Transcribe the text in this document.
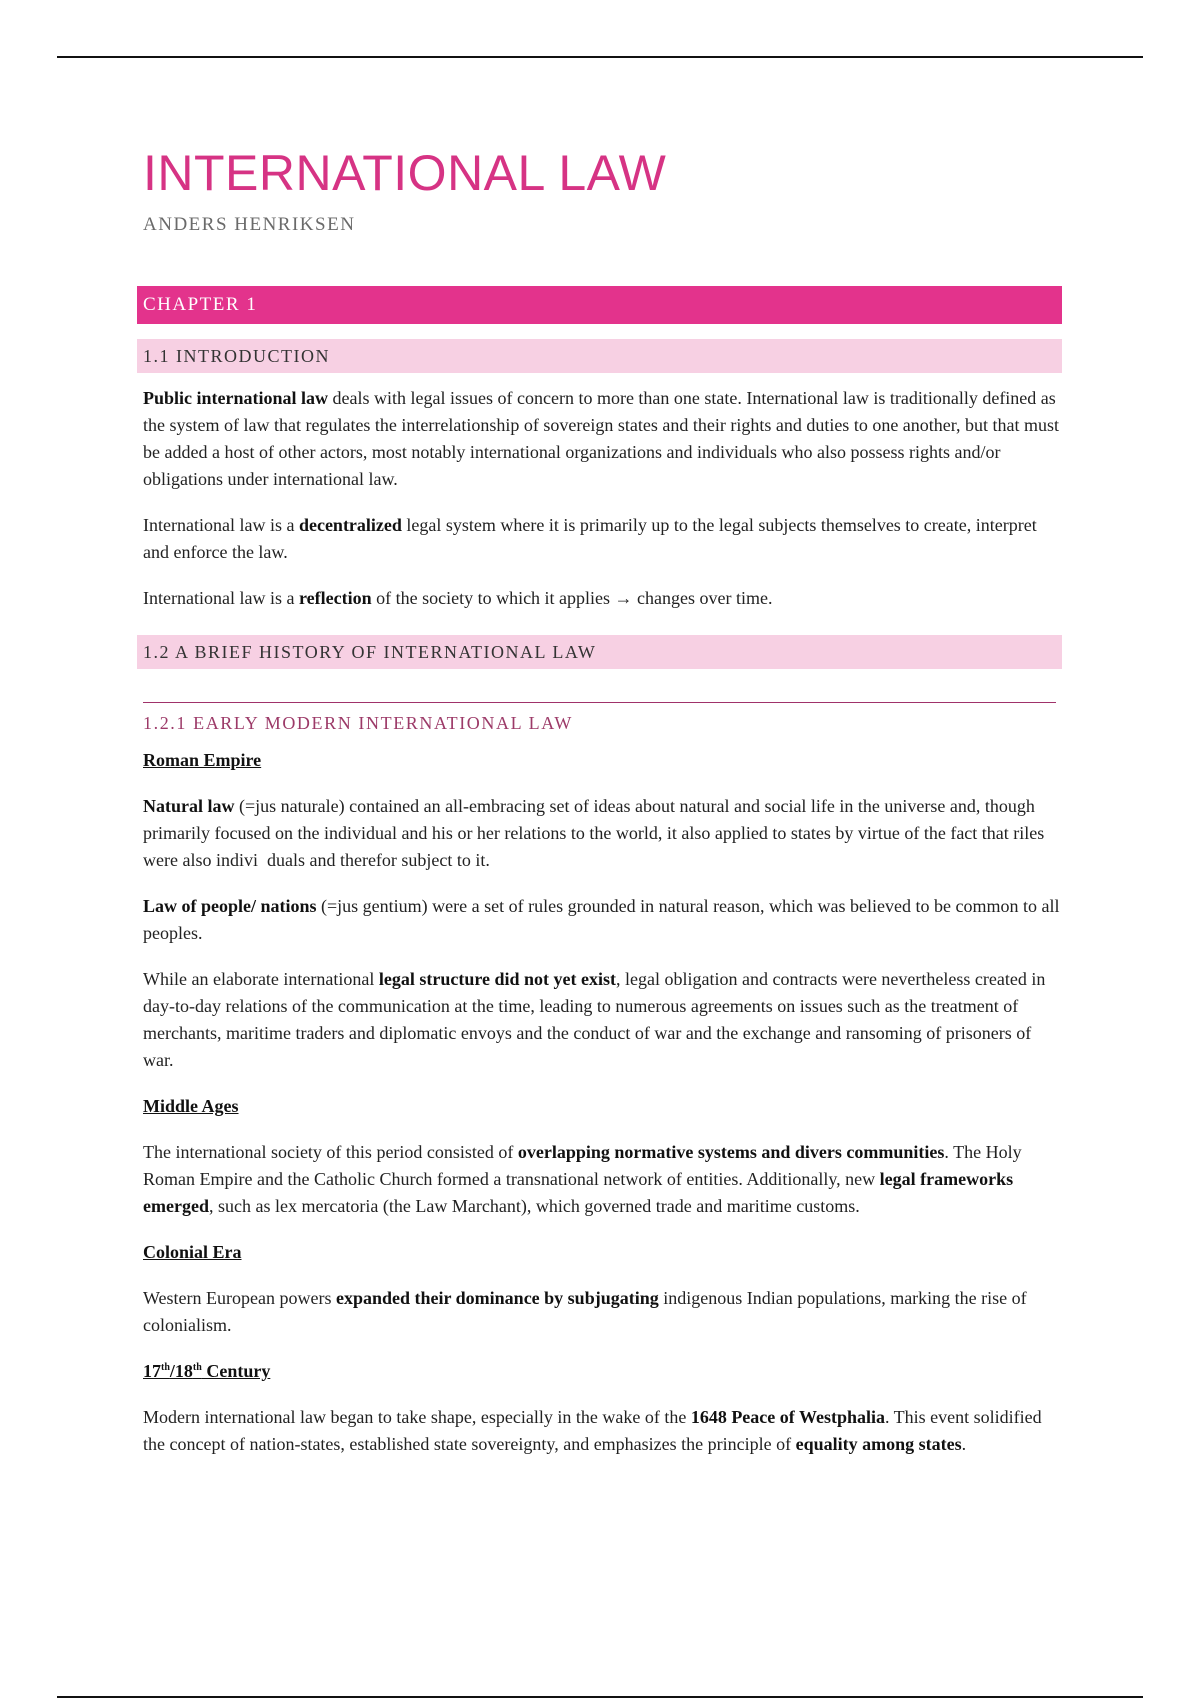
INTERNATIONAL LAW
ANDERS HENRIKSEN
CHAPTER 1
1.1 INTRODUCTION

Public international law deals with legal issues of concern to more than one state. International law is traditionally defined as the system of law that regulates the interrelationship of sovereign states and their rights and duties to one another, but that must be added a host of other actors, most notably international organizations and individuals who also possess rights and/or obligations under international law.

International law is a decentralized legal system where it is primarily up to the legal subjects themselves to create, interpret and enforce the law.

International law is a reflection of the society to which it applies → changes over time.

1.2 A BRIEF HISTORY OF INTERNATIONAL LAW
1.2.1 EARLY MODERN INTERNATIONAL LAW
Roman Empire

Natural law (=jus naturale) contained an all-embracing set of ideas about natural and social life in the universe and, though primarily focused on the individual and his or her relations to the world, it also applied to states by virtue of the fact that riles were also indivi  duals and therefor subject to it.

Law of people/ nations (=jus gentium) were a set of rules grounded in natural reason, which was believed to be common to all peoples.

While an elaborate international legal structure did not yet exist, legal obligation and contracts were nevertheless created in day-to-day relations of the communication at the time, leading to numerous agreements on issues such as the treatment of merchants, maritime traders and diplomatic envoys and the conduct of war and the exchange and ransoming of prisoners of war.

Middle Ages

The international society of this period consisted of overlapping normative systems and divers communities. The Holy Roman Empire and the Catholic Church formed a transnational network of entities. Additionally, new legal frameworks emerged, such as lex mercatoria (the Law Marchant), which governed trade and maritime customs.

Colonial Era

Western European powers expanded their dominance by subjugating indigenous Indian populations, marking the rise of colonialism.

17th/18th Century

Modern international law began to take shape, especially in the wake of the 1648 Peace of Westphalia. This event solidified the concept of nation-states, established state sovereignty, and emphasizes the principle of equality among states.
